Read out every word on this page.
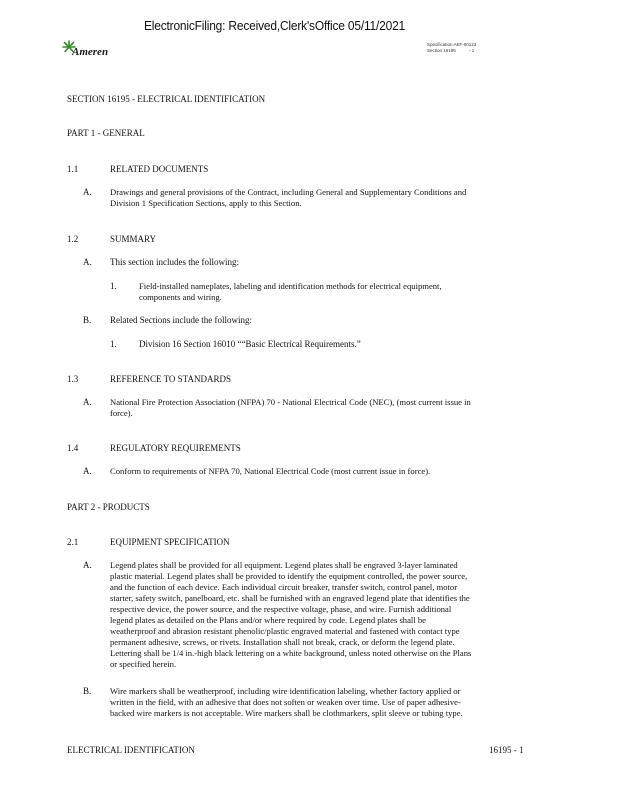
ElectronicFiling: Received,Clerk'sOffice 05/11/2021
Ameren
Specification AEF-00123
Section 16195	- 1
SECTION 16195 - ELECTRICAL IDENTIFICATION
PART 1 - GENERAL
1.1	RELATED DOCUMENTS
A. Drawings and general provisions of the Contract, including General and Supplementary Conditions and
Division 1 Specification Sections, apply to this Section.
1.2	SUMMARY
A. This section includes the following:
1.	Field-installed nameplates, labeling and identification methods for electrical equipment,
components and wiring.
B. Related Sections include the following:
1. Division 16 Section 16010 ““Basic Electrical Requirements.”
1.3	REFERENCE TO STANDARDS
A. National Fire Protection Association (NFPA) 70 - National Electrical Code (NEC), (most current issue in
force).
1.4	REGULATORY REQUIREMENTS
A. Conform to requirements of NFPA 70, National Electrical Code (most current issue in force).
PART 2 - PRODUCTS
2.1	EQUIPMENT SPECIFICATION
A. Legend plates shall be provided for all equipment. Legend plates shall be engraved 3-layer laminated
plastic material. Legend plates shall be provided to identify the equipment controlled, the power source,
and the function of each device. Each individual circuit breaker, transfer switch, control panel, motor
starter, safety switch, panelboard, etc. shall be furnished with an engraved legend plate that identifies the
respective device, the power source, and the respective voltage, phase, and wire. Furnish additional
legend plates as detailed on the Plans and/or where required by code. Legend plates shall be
weatherproof and abrasion resistant phenolic/plastic engraved material and fastened with contact type
permanent adhesive, screws, or rivets. Installation shall not break, crack, or deform the legend plate.
Lettering shall be 1/4 in.-high black lettering on a white background, unless noted otherwise on the Plans
or specified herein.
B. Wire markers shall be weatherproof, including wire identification labeling, whether factory applied or
written in the field, with an adhesive that does not soften or weaken over time. Use of paper adhesive-
backed wire markers is not acceptable. Wire markers shall be clothmarkers, split sleeve or tubing type.
ELECTRICAL IDENTIFICATION	16195 - 1
